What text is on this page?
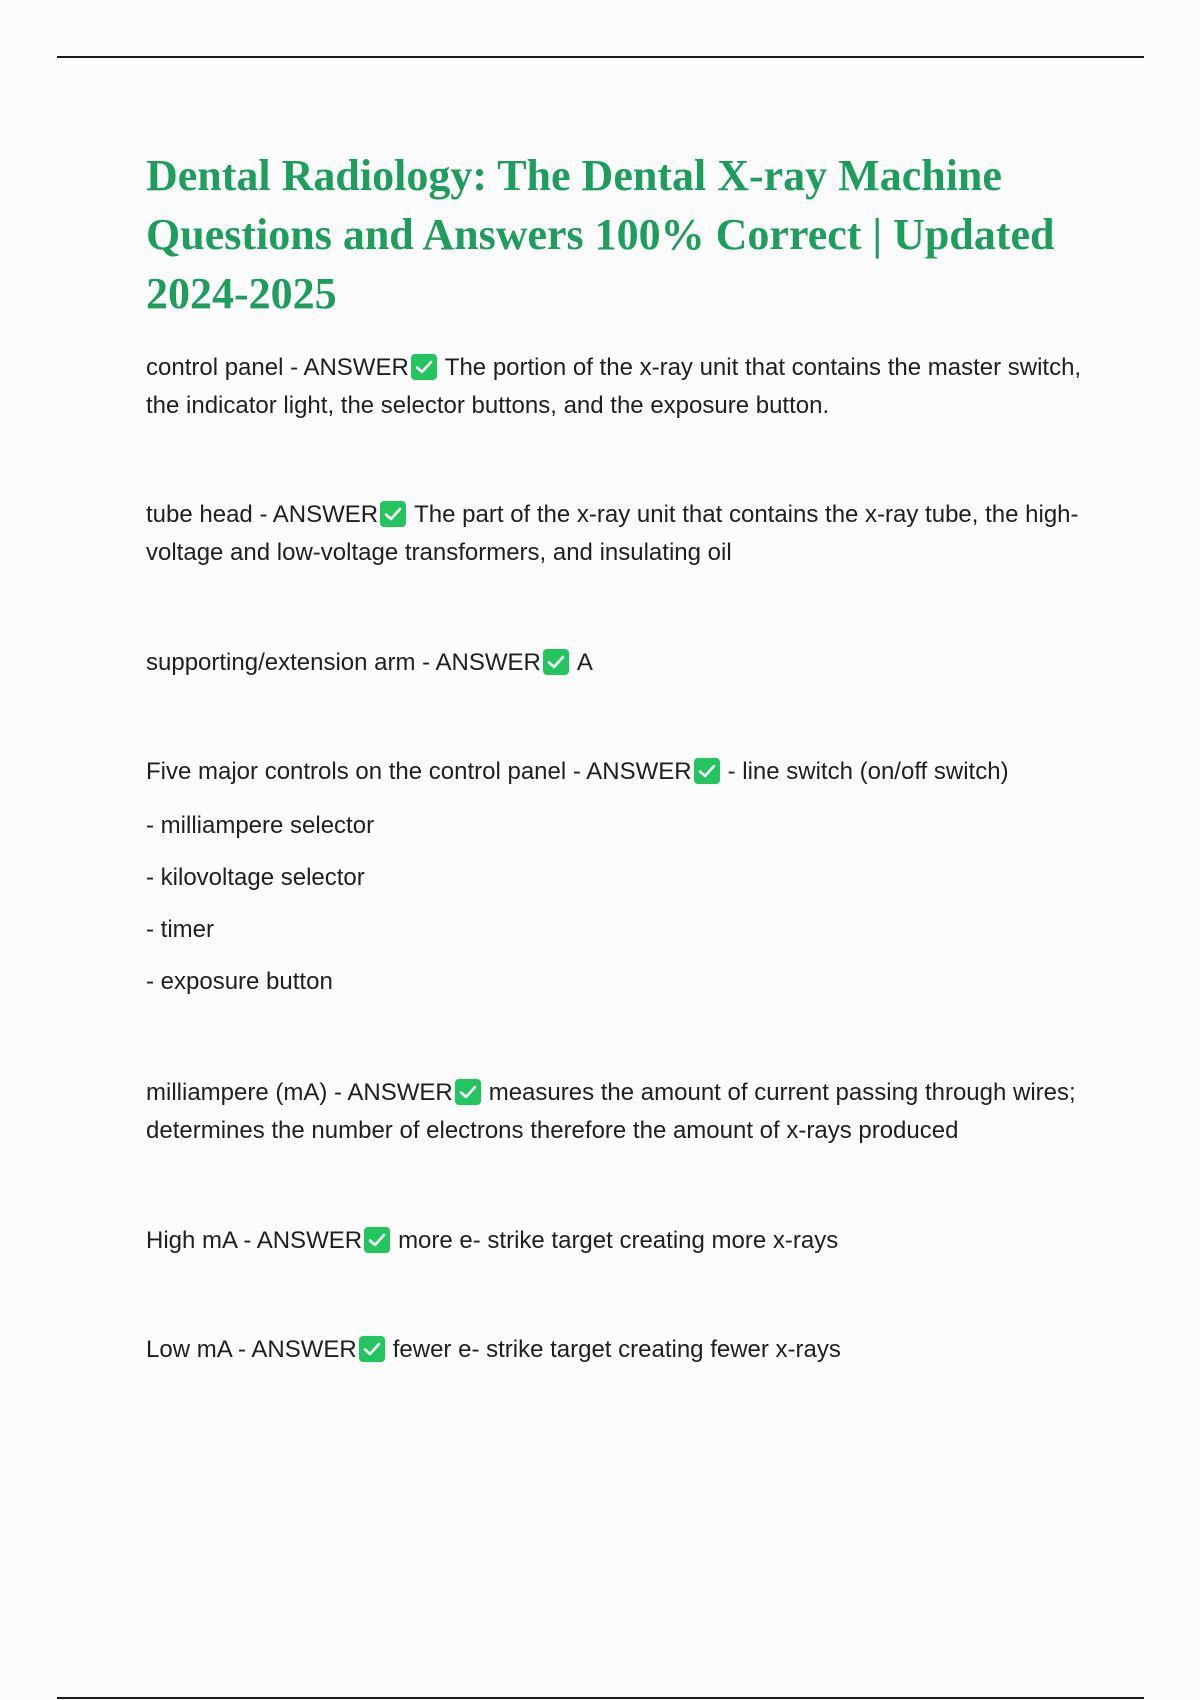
Dental Radiology: The Dental X-ray Machine Questions and Answers 100% Correct | Updated 2024-2025

control panel - ANSWER The portion of the x-ray unit that contains the master switch, the indicator light, the selector buttons, and the exposure button.

tube head - ANSWER The part of the x-ray unit that contains the x-ray tube, the high-voltage and low-voltage transformers, and insulating oil

supporting/extension arm - ANSWER A

Five major controls on the control panel - ANSWER - line switch (on/off switch)

- milliampere selector

- kilovoltage selector

- timer

- exposure button

milliampere (mA) - ANSWER measures the amount of current passing through wires; determines the number of electrons therefore the amount of x-rays produced

High mA - ANSWER more e- strike target creating more x-rays

Low mA - ANSWER fewer e- strike target creating fewer x-rays
